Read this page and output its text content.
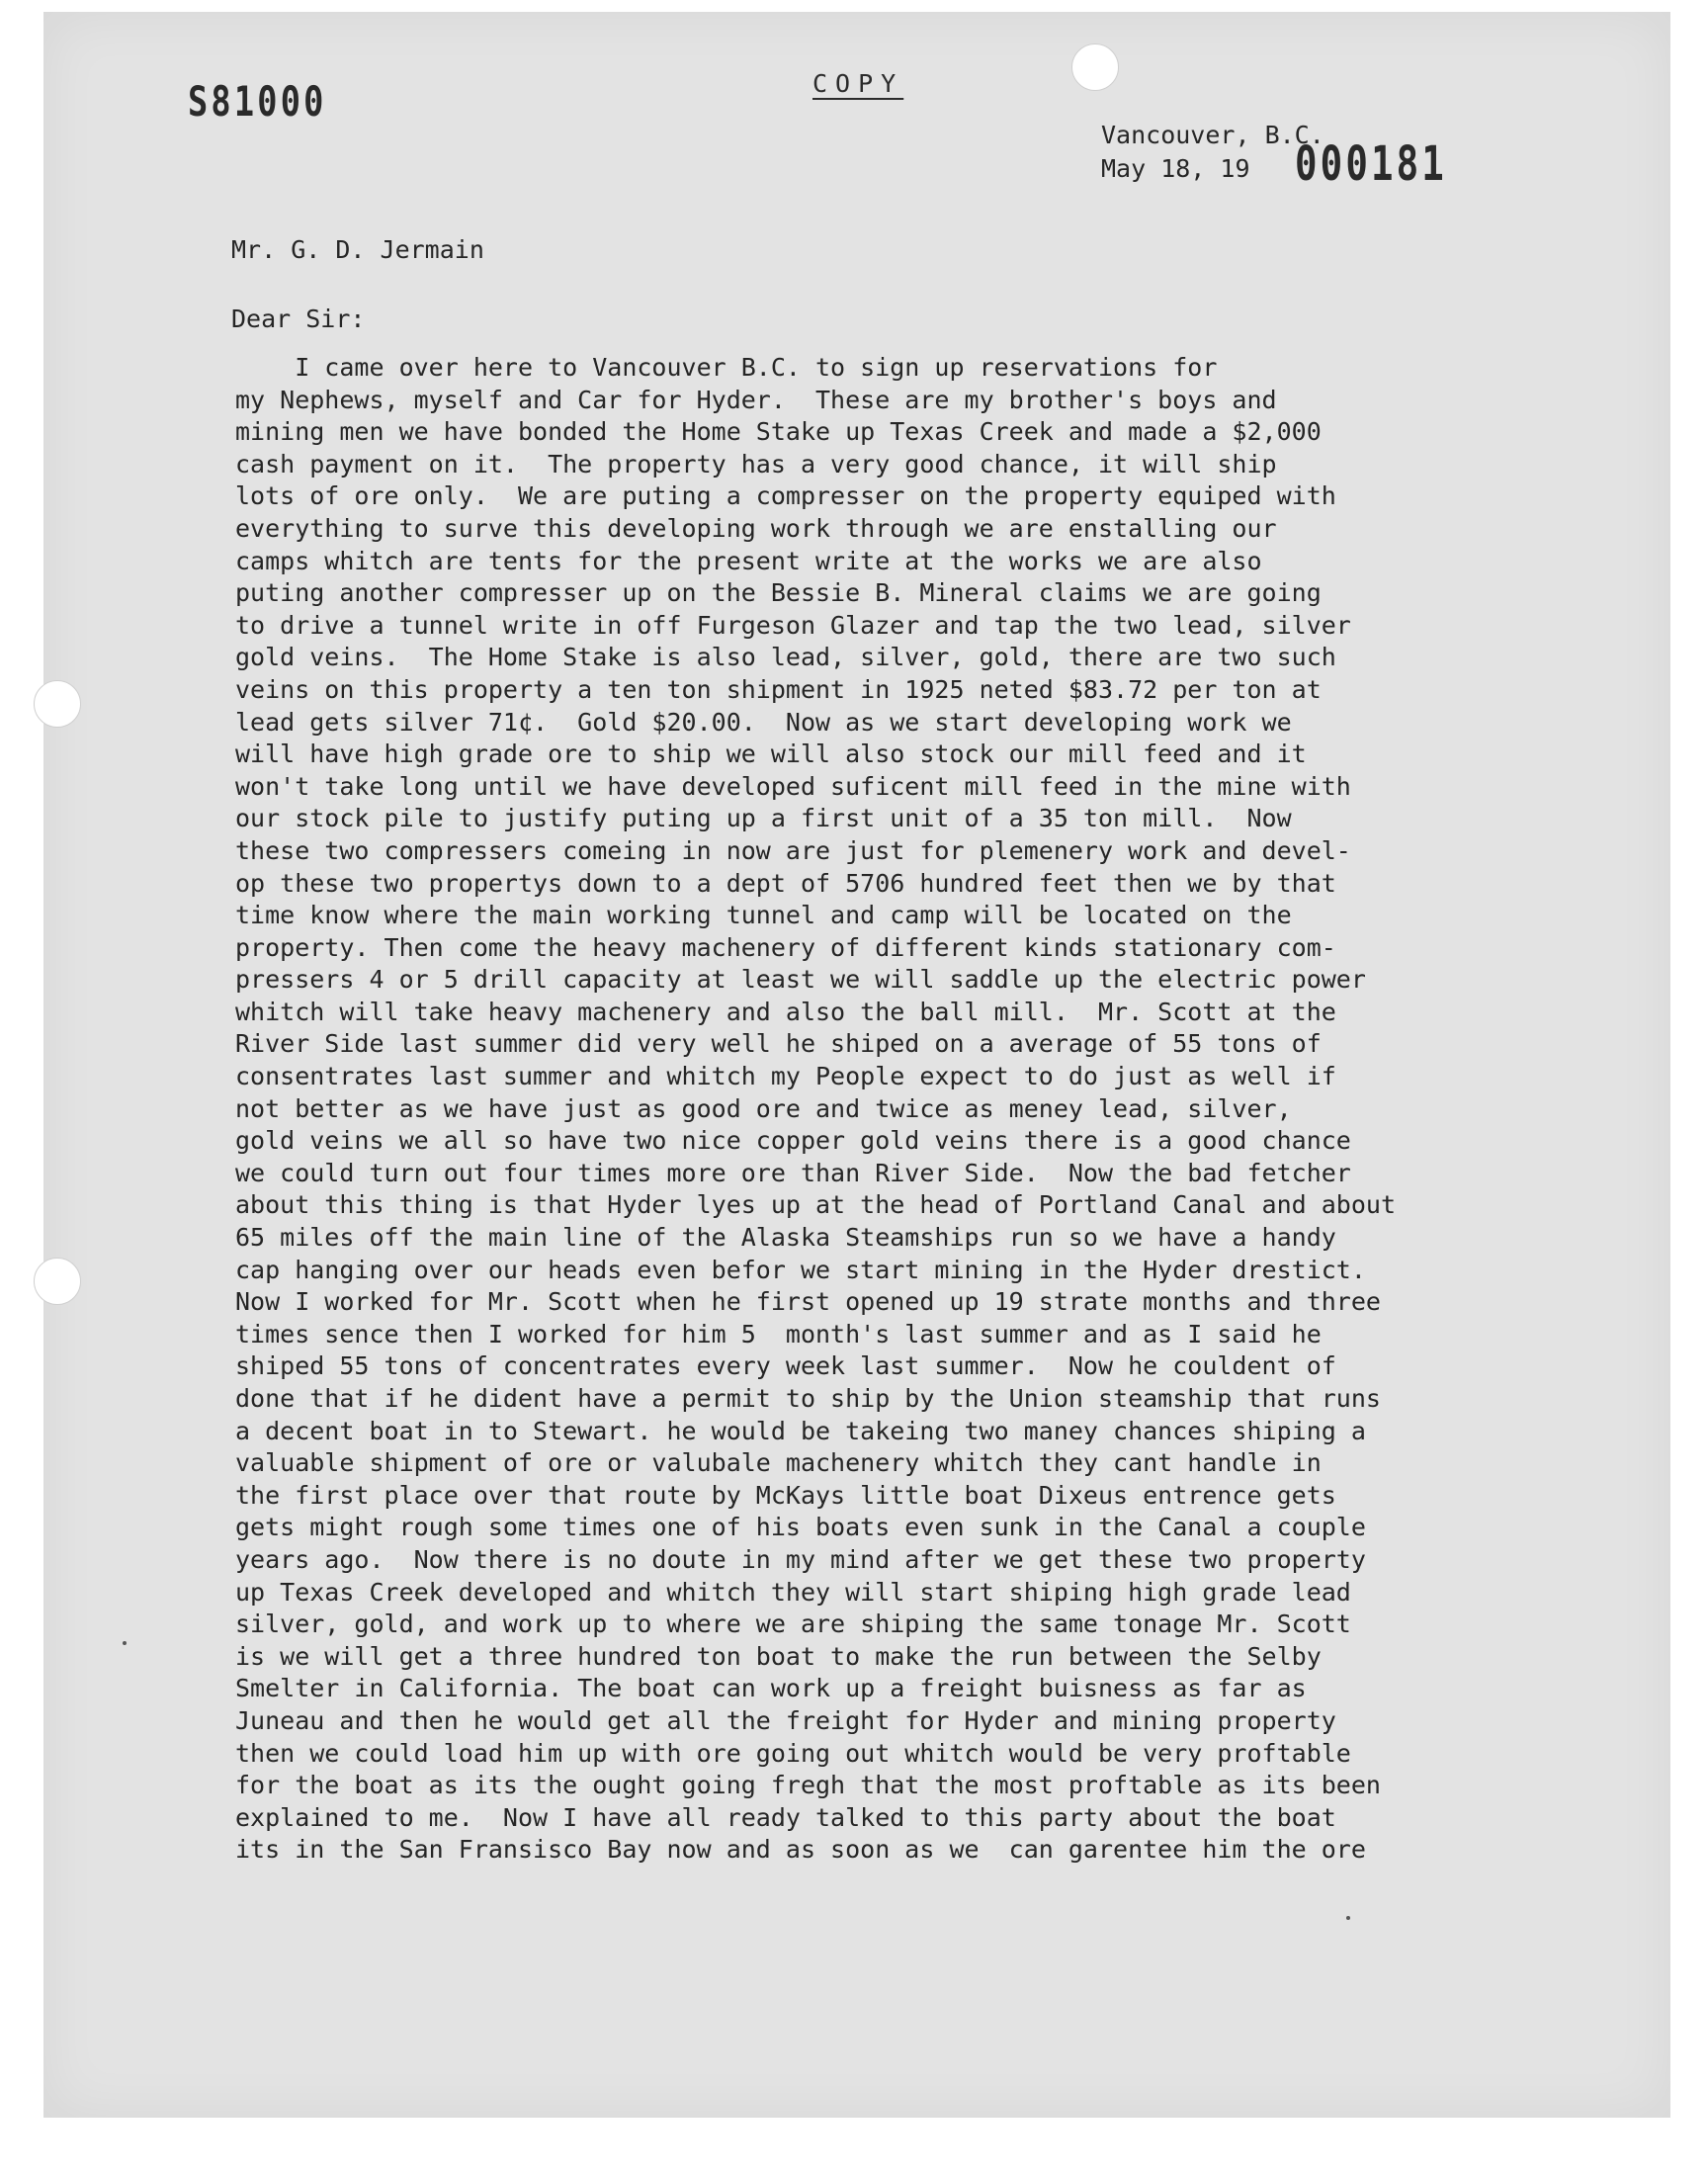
S81000	COPY
Vancouver, B.C.
May 18, 19 000181
Mr. G. D. Jermain
Dear Sir:
I came over here to Vancouver B.C. to sign up reservations for
my Nephews, myself and Car for Hyder.  These are my brother's boys and
mining men we have bonded the Home Stake up Texas Creek and made a $2,000
cash payment on it.  The property has a very good chance, it will ship
lots of ore only.  We are puting a compresser on the property equiped with
everything to surve this developing work through we are enstalling our
camps whitch are tents for the present write at the works we are also
puting another compresser up on the Bessie B. Mineral claims we are going
to drive a tunnel write in off Furgeson Glazer and tap the two lead, silver
gold veins.  The Home Stake is also lead, silver, gold, there are two such
veins on this property a ten ton shipment in 1925 neted $83.72 per ton at
lead gets silver 71¢.  Gold $20.00.  Now as we start developing work we
will have high grade ore to ship we will also stock our mill feed and it
won't take long until we have developed suficent mill feed in the mine with
our stock pile to justify puting up a first unit of a 35 ton mill.  Now
these two compressers comeing in now are just for plemenery work and devel-
op these two propertys down to a dept of 5706 hundred feet then we by that
time know where the main working tunnel and camp will be located on the
property. Then come the heavy machenery of different kinds stationary com-
pressers 4 or 5 drill capacity at least we will saddle up the electric power
whitch will take heavy machenery and also the ball mill.  Mr. Scott at the
River Side last summer did very well he shiped on a average of 55 tons of
consentrates last summer and whitch my People expect to do just as well if
not better as we have just as good ore and twice as meney lead, silver,
gold veins we all so have two nice copper gold veins there is a good chance
we could turn out four times more ore than River Side.  Now the bad fetcher
about this thing is that Hyder lyes up at the head of Portland Canal and about
65 miles off the main line of the Alaska Steamships run so we have a handy
cap hanging over our heads even befor we start mining in the Hyder drestict.
Now I worked for Mr. Scott when he first opened up 19 strate months and three
times sence then I worked for him 5  month's last summer and as I said he
shiped 55 tons of concentrates every week last summer.  Now he couldent of
done that if he dident have a permit to ship by the Union steamship that runs
a decent boat in to Stewart. he would be takeing two maney chances shiping a
valuable shipment of ore or valubale machenery whitch they cant handle in
the first place over that route by McKays little boat Dixeus entrence gets
gets might rough some times one of his boats even sunk in the Canal a couple
years ago.  Now there is no doute in my mind after we get these two property
up Texas Creek developed and whitch they will start shiping high grade lead
silver, gold, and work up to where we are shiping the same tonage Mr. Scott
is we will get a three hundred ton boat to make the run between the Selby
Smelter in California. The boat can work up a freight buisness as far as
Juneau and then he would get all the freight for Hyder and mining property
then we could load him up with ore going out whitch would be very proftable
for the boat as its the ought going fregh that the most proftable as its been
explained to me.  Now I have all ready talked to this party about the boat
its in the San Fransisco Bay now and as soon as we  can garentee him the ore
